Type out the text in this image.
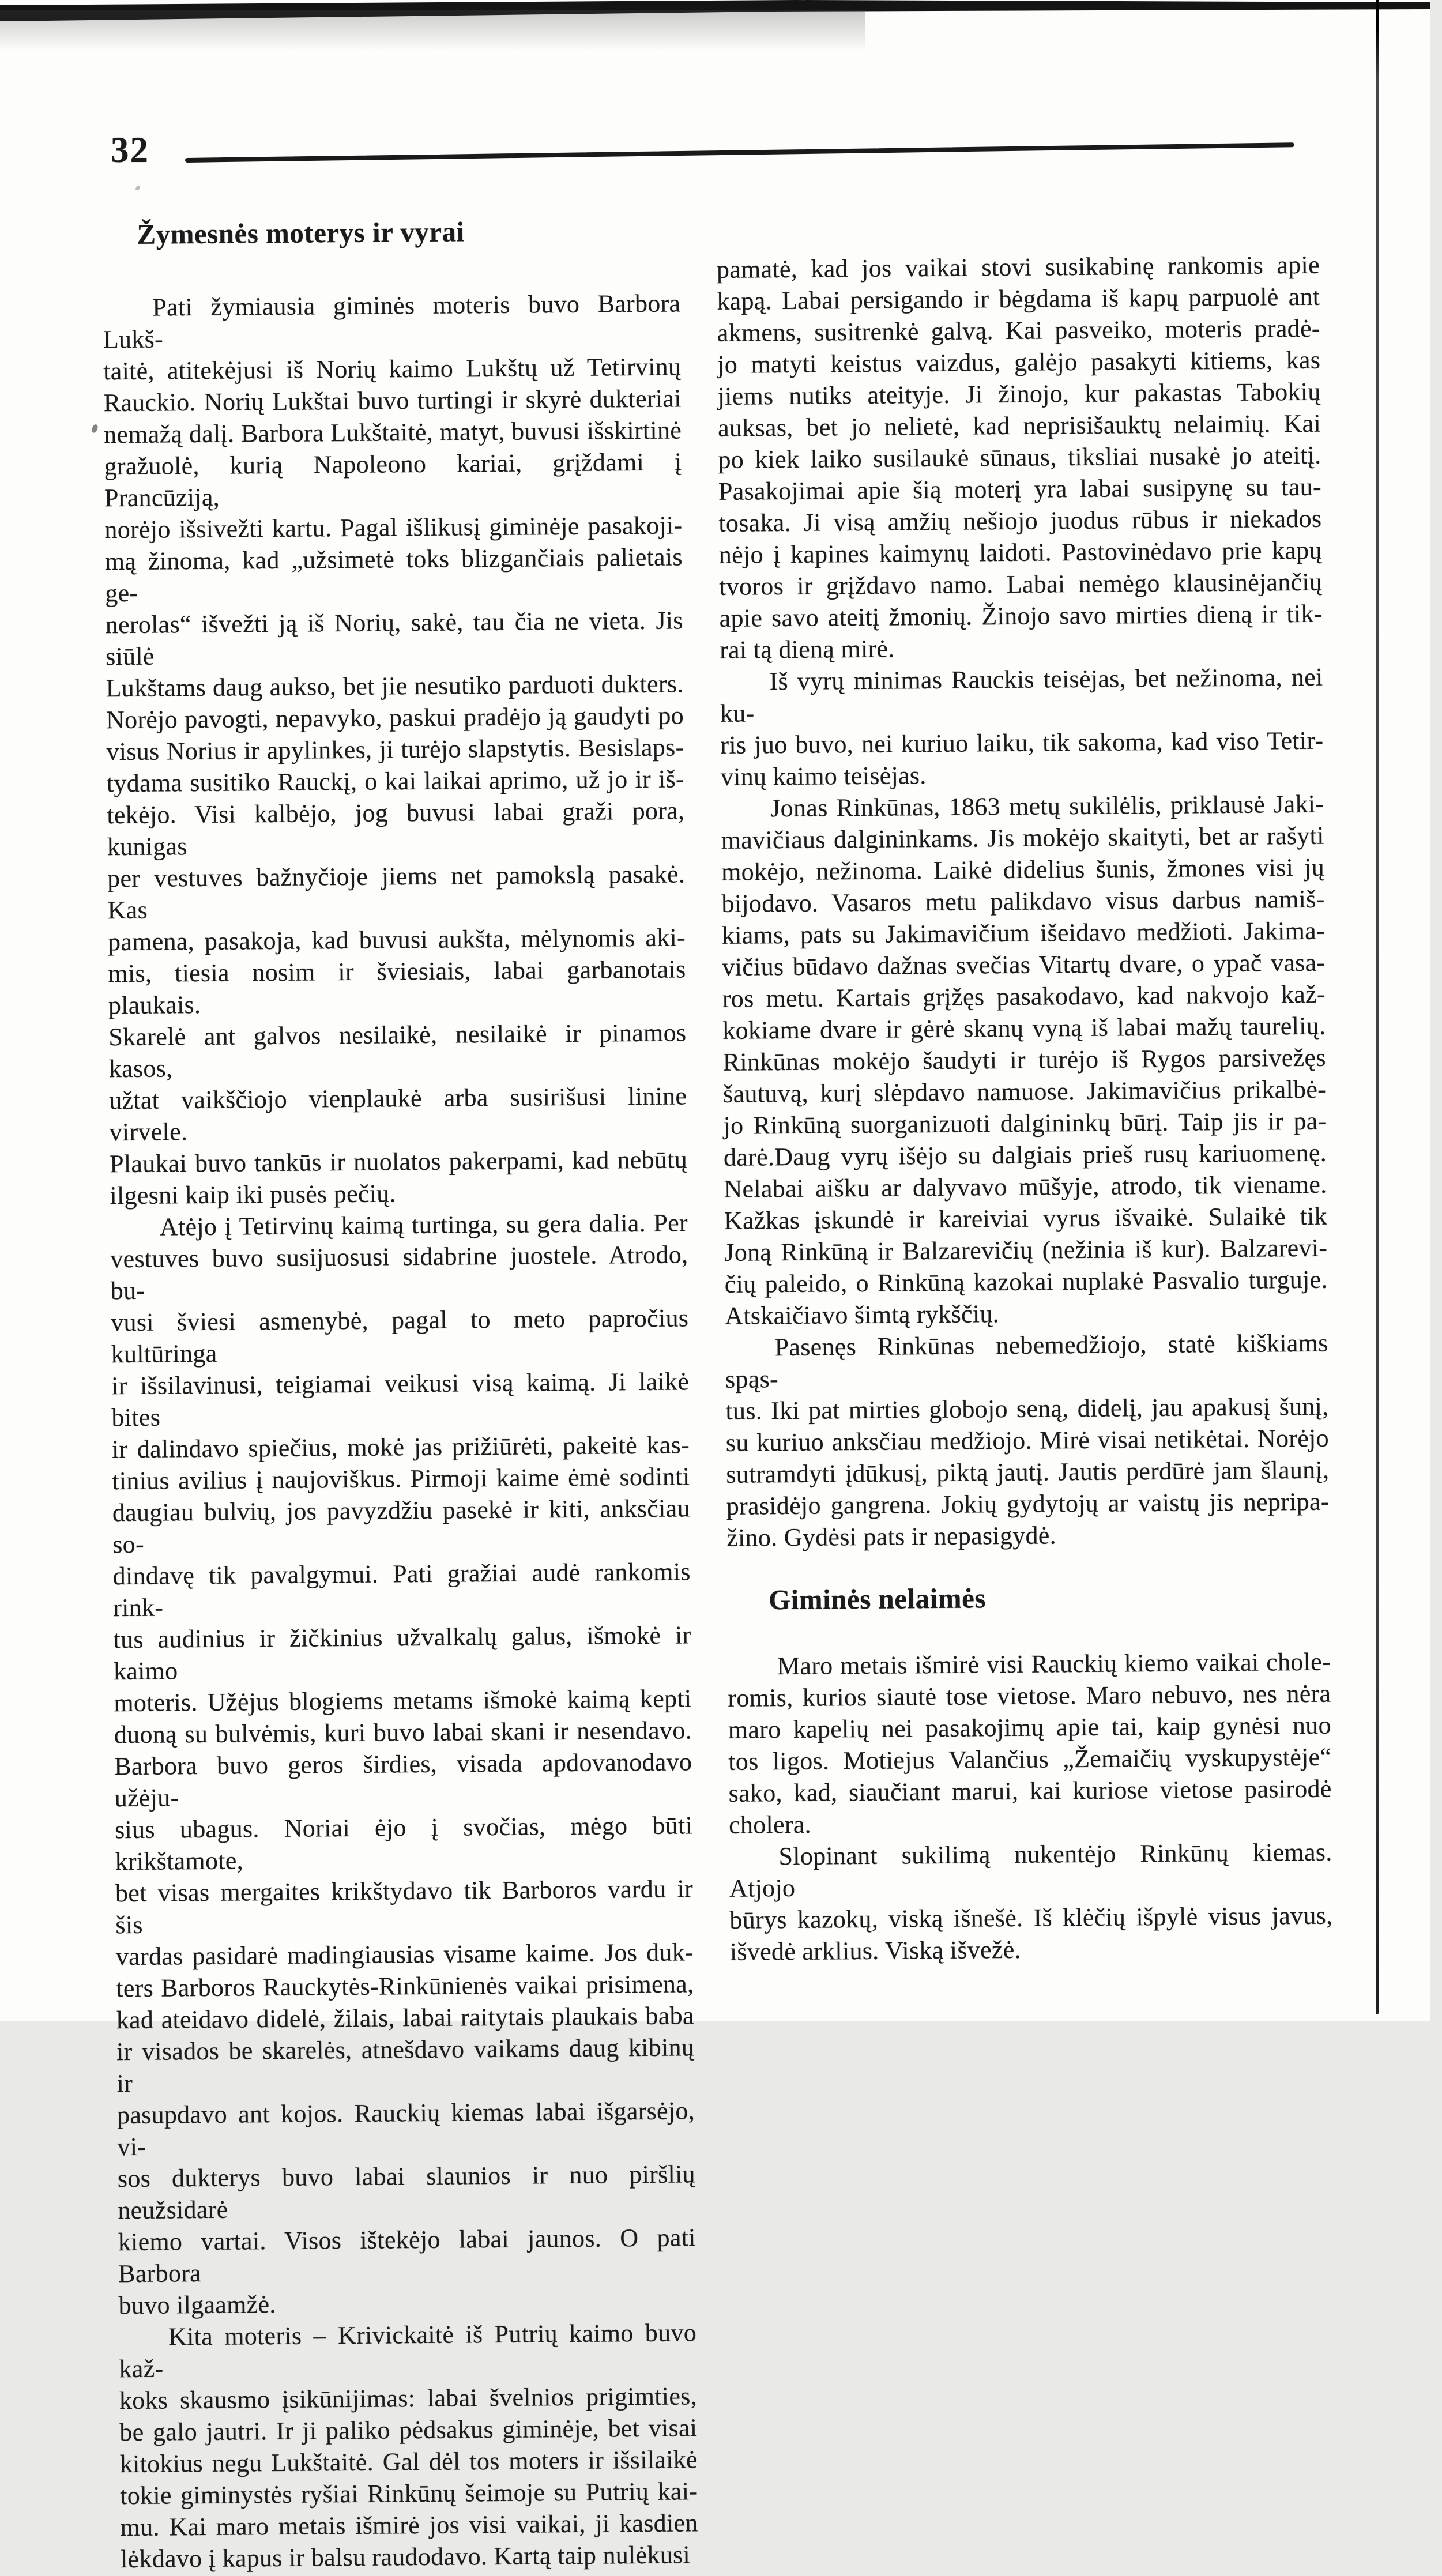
32
Žymesnės moterys ir vyrai
Pati žymiausia giminės moteris buvo Barbora Lukš-
taitė, atitekėjusi iš Norių kaimo Lukštų už Tetirvinų
Rauckio. Norių Lukštai buvo turtingi ir skyrė dukteriai
nemažą dalį. Barbora Lukštaitė, matyt, buvusi išskirtinė
gražuolė, kurią Napoleono kariai, grįždami į Prancūziją,
norėjo išsivežti kartu. Pagal išlikusį giminėje pasakoji-
mą žinoma, kad „užsimetė toks blizgančiais palietais ge-
nerolas“ išvežti ją iš Norių, sakė, tau čia ne vieta. Jis siūlė
Lukštams daug aukso, bet jie nesutiko parduoti dukters.
Norėjo pavogti, nepavyko, paskui pradėjo ją gaudyti po
visus Norius ir apylinkes, ji turėjo slapstytis. Besislaps-
tydama susitiko Rauckį, o kai laikai aprimo, už jo ir iš-
tekėjo. Visi kalbėjo, jog buvusi labai graži pora, kunigas
per vestuves bažnyčioje jiems net pamokslą pasakė. Kas
pamena, pasakoja, kad buvusi aukšta, mėlynomis aki-
mis, tiesia nosim ir šviesiais, labai garbanotais plaukais.
Skarelė ant galvos nesilaikė, nesilaikė ir pinamos kasos,
užtat vaikščiojo vienplaukė arba susirišusi linine virvele.
Plaukai buvo tankūs ir nuolatos pakerpami, kad nebūtų
ilgesni kaip iki pusės pečių.
Atėjo į Tetirvinų kaimą turtinga, su gera dalia. Per
vestuves buvo susijuosusi sidabrine juostele. Atrodo, bu-
vusi šviesi asmenybė, pagal to meto papročius kultūringa
ir išsilavinusi, teigiamai veikusi visą kaimą. Ji laikė bites
ir dalindavo spiečius, mokė jas prižiūrėti, pakeitė kas-
tinius avilius į naujoviškus. Pirmoji kaime ėmė sodinti
daugiau bulvių, jos pavyzdžiu pasekė ir kiti, anksčiau so-
dindavę tik pavalgymui. Pati gražiai audė rankomis rink-
tus audinius ir žičkinius užvalkalų galus, išmokė ir kaimo
moteris. Užėjus blogiems metams išmokė kaimą kepti
duoną su bulvėmis, kuri buvo labai skani ir nesendavo.
Barbora buvo geros širdies, visada apdovanodavo užėju-
sius ubagus. Noriai ėjo į svočias, mėgo būti krikštamote,
bet visas mergaites krikštydavo tik Barboros vardu ir šis
vardas pasidarė madingiausias visame kaime. Jos duk-
ters Barboros Rauckytės-Rinkūnienės vaikai prisimena,
kad ateidavo didelė, žilais, labai raitytais plaukais baba
ir visados be skarelės, atnešdavo vaikams daug kibinų ir
pasupdavo ant kojos. Rauckių kiemas labai išgarsėjo, vi-
sos dukterys buvo labai slaunios ir nuo piršlių neužsidarė
kiemo vartai. Visos ištekėjo labai jaunos. O pati Barbora
buvo ilgaamžė.
Kita moteris – Krivickaitė iš Putrių kaimo buvo kaž-
koks skausmo įsikūnijimas: labai švelnios prigimties,
be galo jautri. Ir ji paliko pėdsakus giminėje, bet visai
kitokius negu Lukštaitė. Gal dėl tos moters ir išsilaikė
tokie giminystės ryšiai Rinkūnų šeimoje su Putrių kai-
mu. Kai maro metais išmirė jos visi vaikai, ji kasdien
lėkdavo į kapus ir balsu raudodavo. Kartą taip nulėkusi
pamatė, kad jos vaikai stovi susikabinę rankomis apie
kapą. Labai persigando ir bėgdama iš kapų parpuolė ant
akmens, susitrenkė galvą. Kai pasveiko, moteris pradė-
jo matyti keistus vaizdus, galėjo pasakyti kitiems, kas
jiems nutiks ateityje. Ji žinojo, kur pakastas Tabokių
auksas, bet jo nelietė, kad neprisišauktų nelaimių. Kai
po kiek laiko susilaukė sūnaus, tiksliai nusakė jo ateitį.
Pasakojimai apie šią moterį yra labai susipynę su tau-
tosaka. Ji visą amžių nešiojo juodus rūbus ir niekados
nėjo į kapines kaimynų laidoti. Pastovinėdavo prie kapų
tvoros ir grįždavo namo. Labai nemėgo klausinėjančių
apie savo ateitį žmonių. Žinojo savo mirties dieną ir tik-
rai tą dieną mirė.
Iš vyrų minimas Rauckis teisėjas, bet nežinoma, nei ku-
ris juo buvo, nei kuriuo laiku, tik sakoma, kad viso Tetir-
vinų kaimo teisėjas.
Jonas Rinkūnas, 1863 metų sukilėlis, priklausė Jaki-
mavičiaus dalgininkams. Jis mokėjo skaityti, bet ar rašyti
mokėjo, nežinoma. Laikė didelius šunis, žmones visi jų
bijodavo. Vasaros metu palikdavo visus darbus namiš-
kiams, pats su Jakimavičium išeidavo medžioti. Jakima-
vičius būdavo dažnas svečias Vitartų dvare, o ypač vasa-
ros metu. Kartais grįžęs pasakodavo, kad nakvojo kaž-
kokiame dvare ir gėrė skanų vyną iš labai mažų taurelių.
Rinkūnas mokėjo šaudyti ir turėjo iš Rygos parsivežęs
šautuvą, kurį slėpdavo namuose. Jakimavičius prikalbė-
jo Rinkūną suorganizuoti dalgininkų būrį. Taip jis ir pa-
darė.Daug vyrų išėjo su dalgiais prieš rusų kariuomenę.
Nelabai aišku ar dalyvavo mūšyje, atrodo, tik viename.
Kažkas įskundė ir kareiviai vyrus išvaikė. Sulaikė tik
Joną Rinkūną ir Balzarevičių (nežinia iš kur). Balzarevi-
čių paleido, o Rinkūną kazokai nuplakė Pasvalio turguje.
Atskaičiavo šimtą rykščių.
Pasenęs Rinkūnas nebemedžiojo, statė kiškiams spąs-
tus. Iki pat mirties globojo seną, didelį, jau apakusį šunį,
su kuriuo anksčiau medžiojo. Mirė visai netikėtai. Norėjo
sutramdyti įdūkusį, piktą jautį. Jautis perdūrė jam šlaunį,
prasidėjo gangrena. Jokių gydytojų ar vaistų jis nepripa-
žino. Gydėsi pats ir nepasigydė.
Giminės nelaimės
Maro metais išmirė visi Rauckių kiemo vaikai chole-
romis, kurios siautė tose vietose. Maro nebuvo, nes nėra
maro kapelių nei pasakojimų apie tai, kaip gynėsi nuo
tos ligos. Motiejus Valančius „Žemaičių vyskupystėje“
sako, kad, siaučiant marui, kai kuriose vietose pasirodė
cholera.
Slopinant sukilimą nukentėjo Rinkūnų kiemas. Atjojo
būrys kazokų, viską išnešė. Iš klėčių išpylė visus javus,
išvedė arklius. Viską išvežė.
